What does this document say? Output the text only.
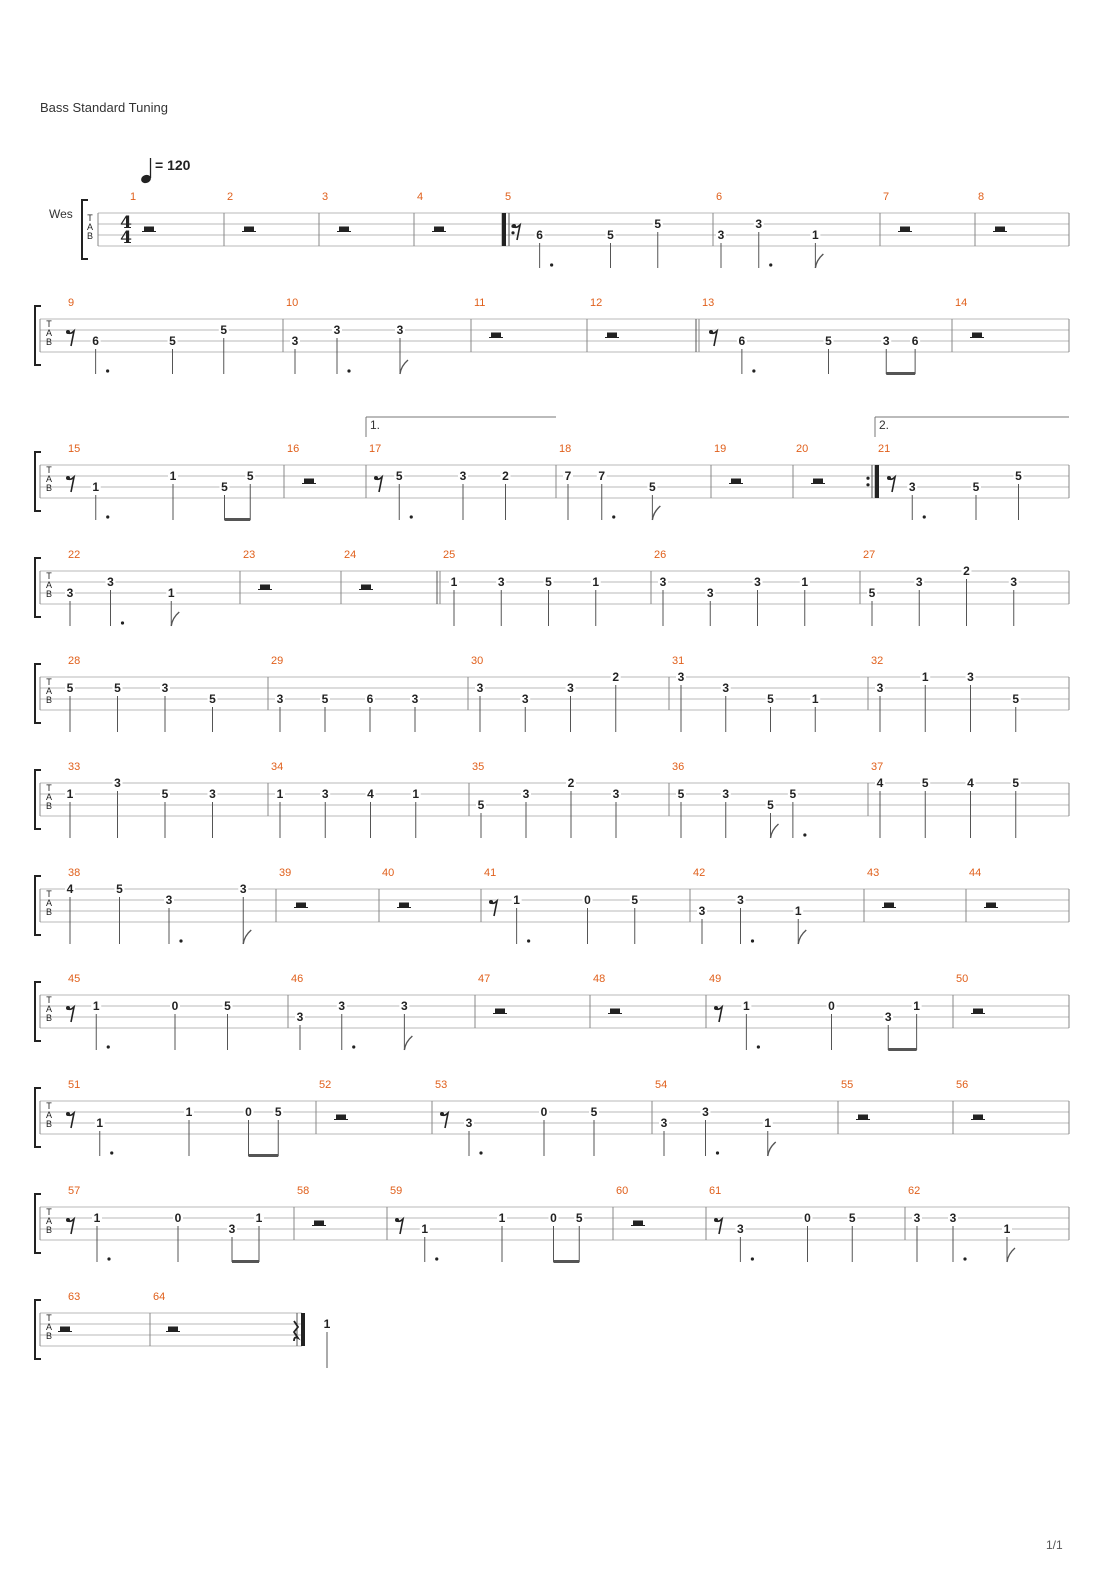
Bass Standard Tuning
= 120
Wes T
A
B
4
4
1	2	3	4	5
6	5
5
6
3
3
1
7	8
T
A
B
9
6	5
5
10
3
3	3
11	12	13
6	5	3 6
14
T
A
B
15
1
1
5
5
16	17
1.
5	3	2
18
7 7
5
19	20	21
2.
3	5
5
T
A
B
22
3
3
1
23	24	25
1	3	5	1
26
3
3
3	1
27
5
3
2
3
T
A
B
28
5	5	3
5
29
3	5	6	3
30
3
3
3
2
31
3
3
5	1
32
3
1	3
5
T
A
B
33
1
3
5	3
34
1	3	4	1
35
5
3
2
3
36
5	3
5
5
37
4	5	4	5
T
A
B
38
4	5
3
3
39	40	41
1	0	5
42
3
3
1
43	44
T
A
B
45
1	0	5
46
3
3	3
47	48	49
1	0
3
1
50
T
A
B
51
1
1	0 5
52	53
3
0	5
54
3
3
1
55	56
T
A
B
57
1	0
3
1
58	59
1
1	0 5
60	61
3
0	5
62
3 3
1
T
A
B
63	64
1
1/1
